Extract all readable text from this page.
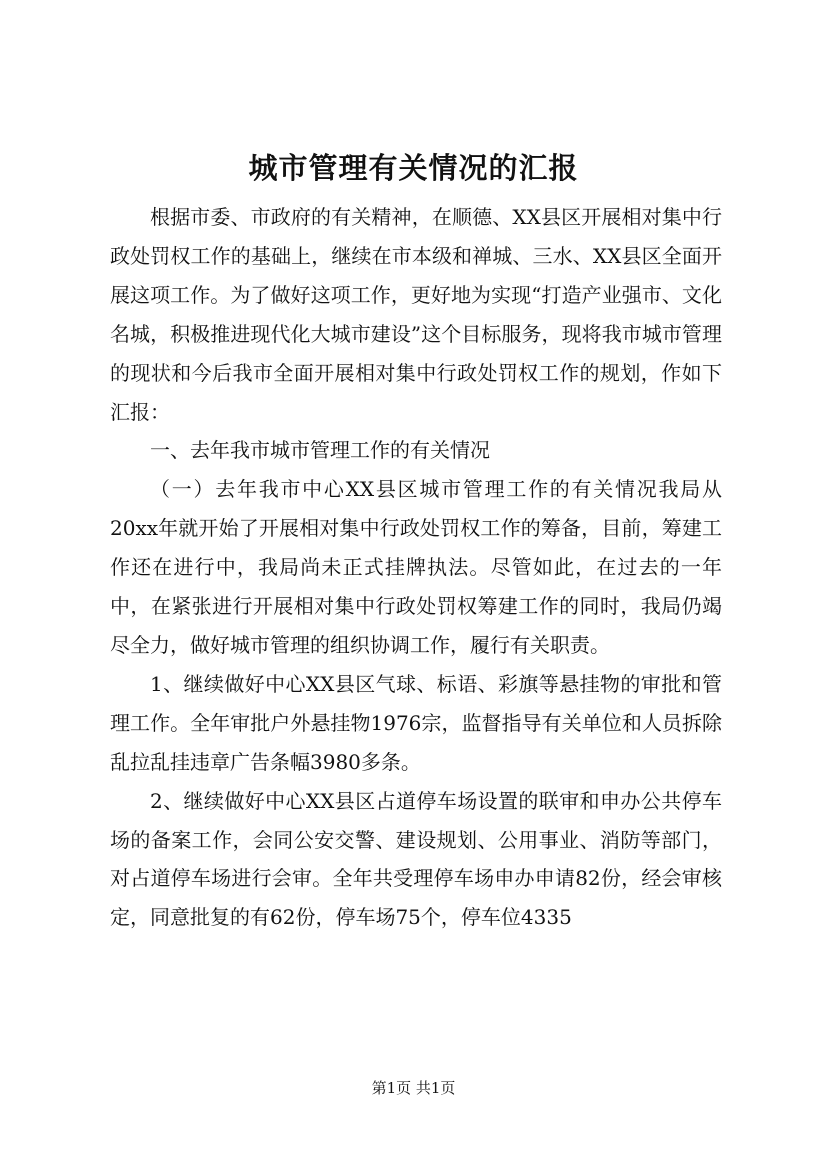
城市管理有关情况的汇报

根据市委、市政府的有关精神，在顺德、XX县区开展相对集中行政处罚权工作的基础上，继续在市本级和禅城、三水、XX县区全面开展这项工作。为了做好这项工作，更好地为实现“打造产业强市、文化名城，积极推进现代化大城市建设”这个目标服务，现将我市城市管理的现状和今后我市全面开展相对集中行政处罚权工作的规划，作如下汇报：

一、去年我市城市管理工作的有关情况

（一）去年我市中心XX县区城市管理工作的有关情况我局从20xx年就开始了开展相对集中行政处罚权工作的筹备，目前，筹建工作还在进行中，我局尚未正式挂牌执法。尽管如此，在过去的一年中，在紧张进行开展相对集中行政处罚权筹建工作的同时，我局仍竭尽全力，做好城市管理的组织协调工作，履行有关职责。

1、继续做好中心XX县区气球、标语、彩旗等悬挂物的审批和管理工作。全年审批户外悬挂物1976宗，监督指导有关单位和人员拆除乱拉乱挂违章广告条幅3980多条。

2、继续做好中心XX县区占道停车场设置的联审和申办公共停车场的备案工作，会同公安交警、建设规划、公用事业、消防等部门，对占道停车场进行会审。全年共受理停车场申办申请82份，经会审核定，同意批复的有62份，停车场75个，停车位4335

第1页 共1页
